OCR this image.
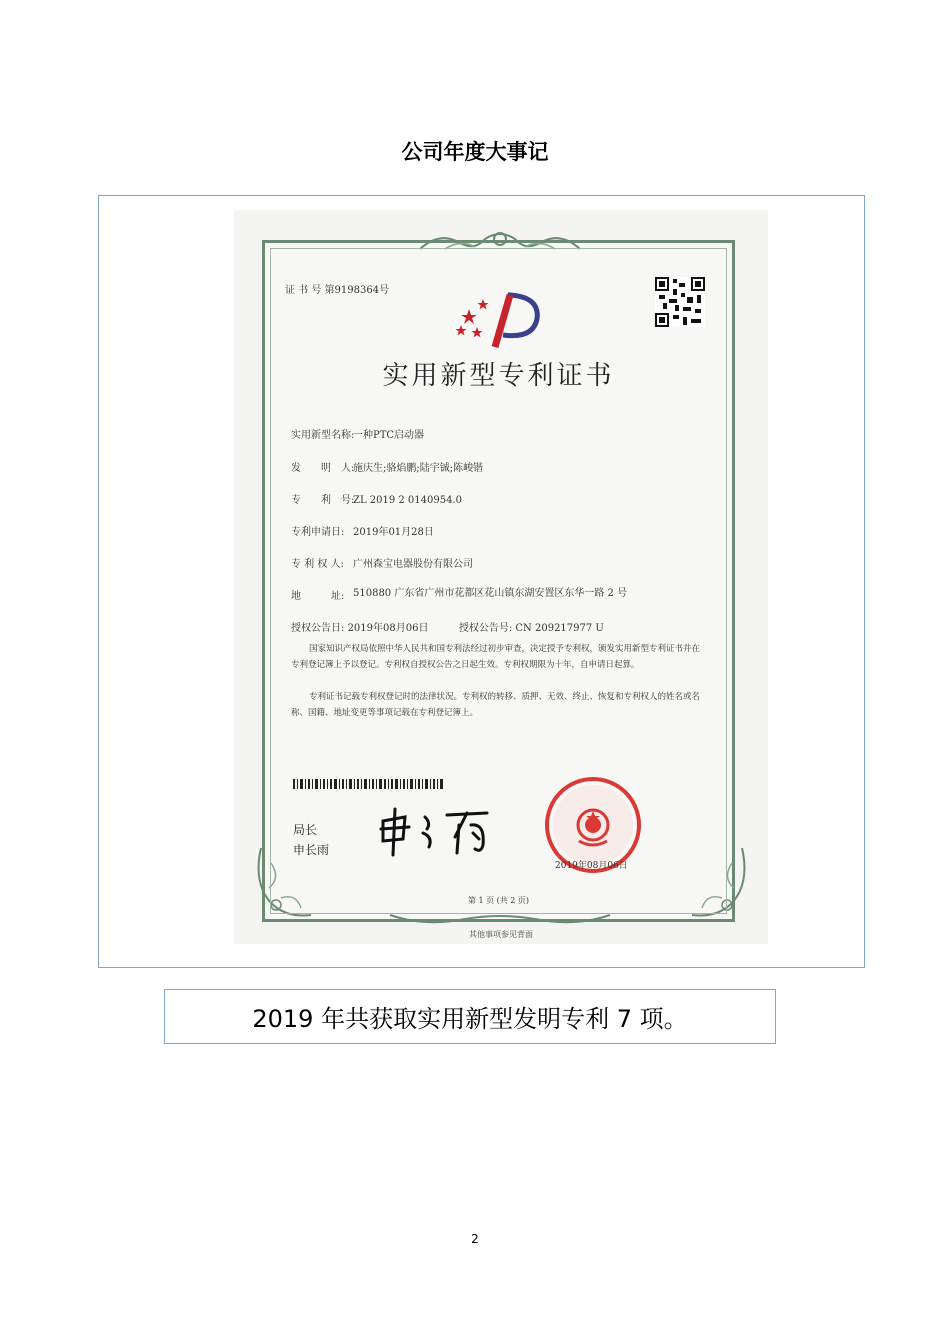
公司年度大事记
证 书 号 第9198364号
实用新型专利证书
实用新型名称:一种PTC启动器
发　　明　人:施庆生;骆焰鹏;陆宇铖;陈峻锴
专　　利　号:ZL 2019 2 0140954.0
专利申请日: 2019年01月28日
专 利 权 人: 广州森宝电器股份有限公司
地　　　址: 510880 广东省广州市花都区花山镇东湖安置区东华一路 2 号
授权公告日: 2019年08月06日	授权公告号: CN 209217977 U
国家知识产权局依照中华人民共和国专利法经过初步审查，决定授予专利权，颁发实用新型专利证书并在专利登记簿上予以登记。专利权自授权公告之日起生效。专利权期限为十年，自申请日起算。
专利证书记载专利权登记时的法律状况。专利权的转移、质押、无效、终止、恢复和专利权人的姓名或名称、国籍、地址变更等事项记载在专利登记簿上。
局长
申长雨
2019年08月06日
第 1 页 (共 2 页)
其他事项参见背面
2019 年共获取实用新型发明专利 7 项。
2
